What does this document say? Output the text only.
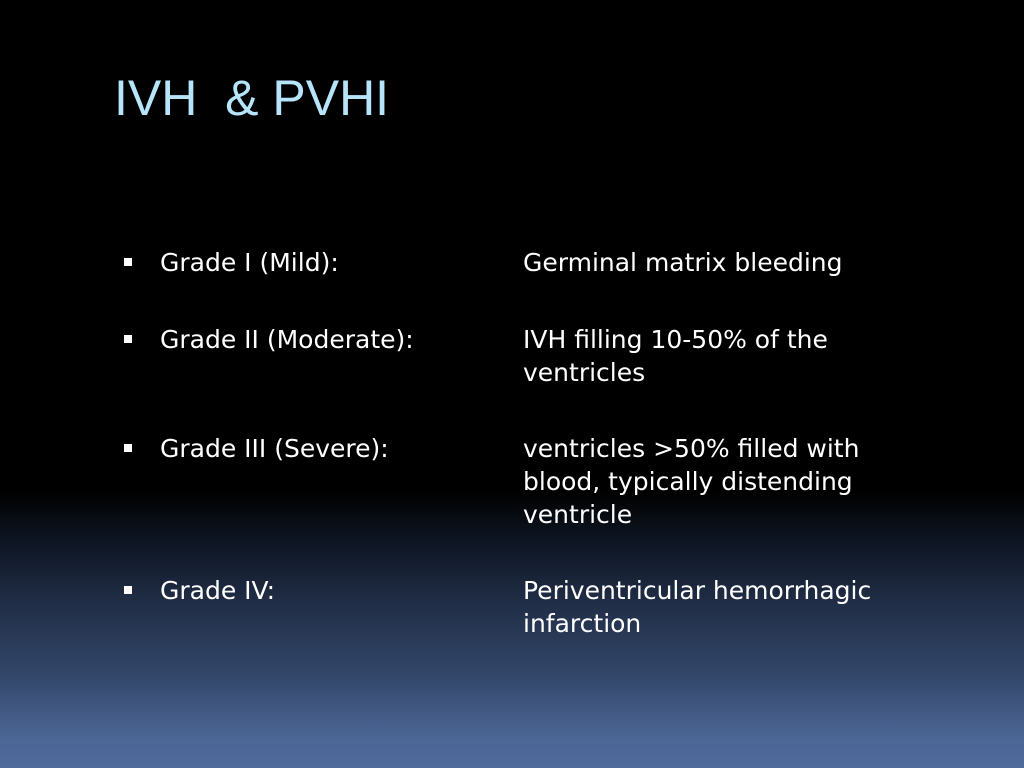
IVH  & PVHI
Grade I (Mild):	Germinal matrix bleeding
Grade II (Moderate):	IVH filling 10-50% of the
ventricles
Grade III (Severe):	ventricles >50% filled with
blood, typically distending
ventricle
Grade IV:	Periventricular hemorrhagic
infarction
